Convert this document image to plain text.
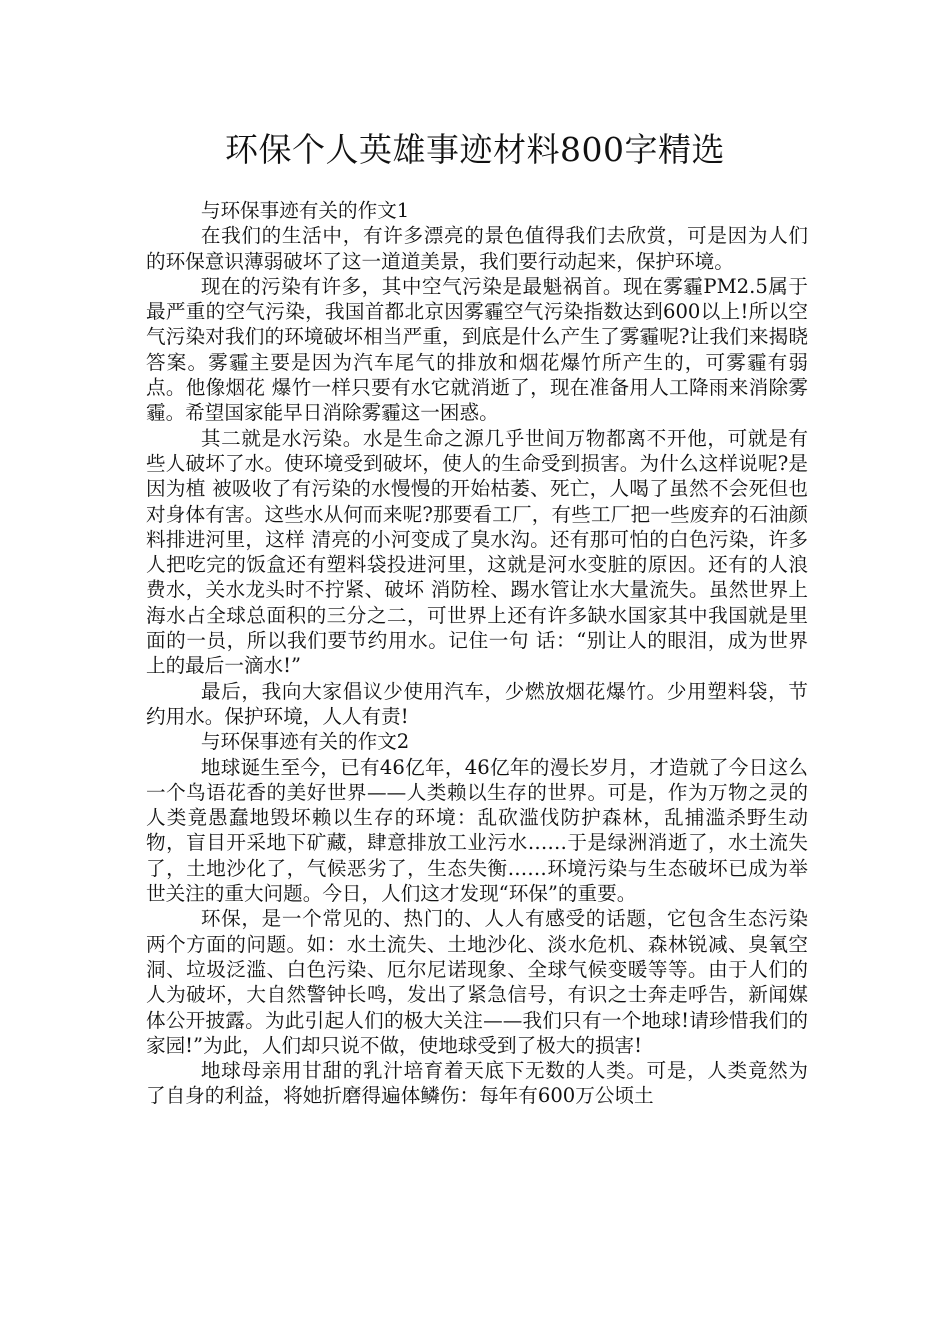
环保个人英雄事迹材料800字精选

与环保事迹有关的作文1

在我们的生活中，有许多漂亮的景色值得我们去欣赏，可是因为人们的环保意识薄弱破坏了这一道道美景，我们要行动起来，保护环境。

现在的污染有许多，其中空气污染是最魁祸首。现在雾霾PM2.5属于最严重的空气污染，我国首都北京因雾霾空气污染指数达到600以上!所以空 气污染对我们的环境破坏相当严重，到底是什么产生了雾霾呢?让我们来揭晓答案。雾霾主要是因为汽车尾气的排放和烟花爆竹所产生的，可雾霾有弱点。他像烟花 爆竹一样只要有水它就消逝了，现在准备用人工降雨来消除雾霾。希望国家能早日消除雾霾这一困惑。

其二就是水污染。水是生命之源几乎世间万物都离不开他，可就是有些人破坏了水。使环境受到破坏，使人的生命受到损害。为什么这样说呢?是因为植 被吸收了有污染的水慢慢的开始枯萎、死亡，人喝了虽然不会死但也对身体有害。这些水从何而来呢?那要看工厂，有些工厂把一些废弃的石油颜料排进河里，这样 清亮的小河变成了臭水沟。还有那可怕的白色污染，许多人把吃完的饭盒还有塑料袋投进河里，这就是河水变脏的原因。还有的人浪费水，关水龙头时不拧紧、破坏 消防栓、踢水管让水大量流失。虽然世界上海水占全球总面积的三分之二，可世界上还有许多缺水国家其中我国就是里面的一员，所以我们要节约用水。记住一句 话：“别让人的眼泪，成为世界上的最后一滴水!”

最后，我向大家倡议少使用汽车，少燃放烟花爆竹。少用塑料袋，节约用水。保护环境，人人有责!

与环保事迹有关的作文2

地球诞生至今，已有46亿年，46亿年的漫长岁月，才造就了今日这么一个鸟语花香的美好世界——人类赖以生存的世界。可是，作为万物之灵的人类竟愚蠢地毁坏赖以生存的环境：乱砍滥伐防护森林，乱捕滥杀野生动物，盲目开采地下矿藏，肆意排放工业污水……于是绿洲消逝了，水土流失了，土地沙化了，气候恶劣了，生态失衡……环境污染与生态破坏已成为举世关注的重大问题。今日，人们这才发现“环保”的重要。

环保，是一个常见的、热门的、人人有感受的话题，它包含生态污染两个方面的问题。如：水土流失、土地沙化、淡水危机、森林锐减、臭氧空洞、垃圾泛滥、白色污染、厄尔尼诺现象、全球气候变暖等等。由于人们的人为破坏，大自然警钟长鸣，发出了紧急信号，有识之士奔走呼告，新闻媒体公开披露。为此引起人们的极大关注——我们只有一个地球!请珍惜我们的家园!”为此，人们却只说不做，使地球受到了极大的损害!

地球母亲用甘甜的乳汁培育着天底下无数的人类。可是，人类竟然为了自身的利益，将她折磨得遍体鳞伤：每年有600万公顷土
